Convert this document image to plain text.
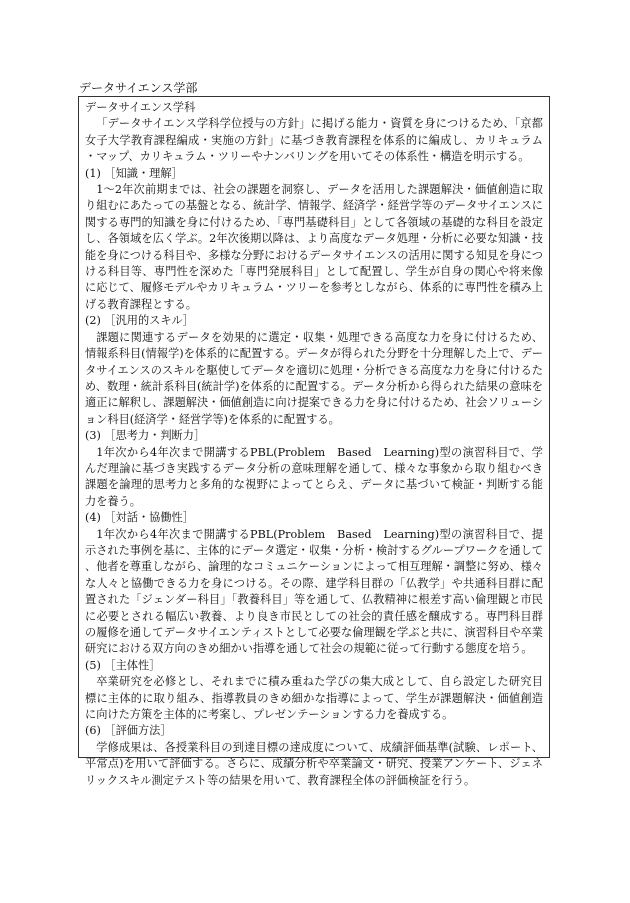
データサイエンス学部
データサイエンス学科

「データサイエンス学科学位授与の方針」に掲げる能力・資質を身につけるため、「京都女子大学教育課程編成・実施の方針」に基づき教育課程を体系的に編成し、カリキュラム・マップ、カリキュラム・ツリーやナンバリングを用いてその体系性・構造を明示する。

(1) ［知識・理解］

1～2年次前期までは、社会の課題を洞察し、データを活用した課題解決・価値創造に取り組むにあたっての基盤となる、統計学、情報学、経済学・経営学等のデータサイエンスに関する専門的知識を身に付けるため、「専門基礎科目」として各領域の基礎的な科目を設定し、各領域を広く学ぶ。2年次後期以降は、より高度なデータ処理・分析に必要な知識・技能を身につける科目や、多様な分野におけるデータサイエンスの活用に関する知見を身につける科目等、専門性を深めた「専門発展科目」として配置し、学生が自身の関心や将来像に応じて、履修モデルやカリキュラム・ツリーを参考としながら、体系的に専門性を積み上げる教育課程とする。

(2) ［汎用的スキル］

課題に関連するデータを効果的に選定・収集・処理できる高度な力を身に付けるため、情報系科目(情報学)を体系的に配置する。データが得られた分野を十分理解した上で、データサイエンスのスキルを駆使してデータを適切に処理・分析できる高度な力を身に付けるため、数理・統計系科目(統計学)を体系的に配置する。データ分析から得られた結果の意味を適正に解釈し、課題解決・価値創造に向け提案できる力を身に付けるため、社会ソリューション科目(経済学・経営学等)を体系的に配置する。

(3) ［思考力・判断力］

1年次から4年次まで開講するPBL(Problem　Based　Learning)型の演習科目で、学んだ理論に基づき実践するデータ分析の意味理解を通して、様々な事象から取り組むべき課題を論理的思考力と多角的な視野によってとらえ、データに基づいて検証・判断する能力を養う。

(4) ［対話・協働性］

1年次から4年次まで開講するPBL(Problem　Based　Learning)型の演習科目で、提示された事例を基に、主体的にデータ選定・収集・分析・検討するグループワークを通して、他者を尊重しながら、論理的なコミュニケーションによって相互理解・調整に努め、様々な人々と協働できる力を身につける。その際、建学科目群の「仏教学」や共通科目群に配置された「ジェンダー科目」「教養科目」等を通して、仏教精神に根差す高い倫理観と市民に必要とされる幅広い教養、より良き市民としての社会的責任感を醸成する。専門科目群の履修を通してデータサイエンティストとして必要な倫理観を学ぶと共に、演習科目や卒業研究における双方向のきめ細かい指導を通して社会の規範に従って行動する態度を培う。

(5) ［主体性］

卒業研究を必修とし、それまでに積み重ねた学びの集大成として、自ら設定した研究目標に主体的に取り組み、指導教員のきめ細かな指導によって、学生が課題解決・価値創造に向けた方策を主体的に考案し、プレゼンテーションする力を養成する。

(6) ［評価方法］

学修成果は、各授業科目の到達目標の達成度について、成績評価基準(試験、レポート、平常点)を用いて評価する。さらに、成績分析や卒業論文・研究、授業アンケート、ジェネリックスキル測定テスト等の結果を用いて、教育課程全体の評価検証を行う。
